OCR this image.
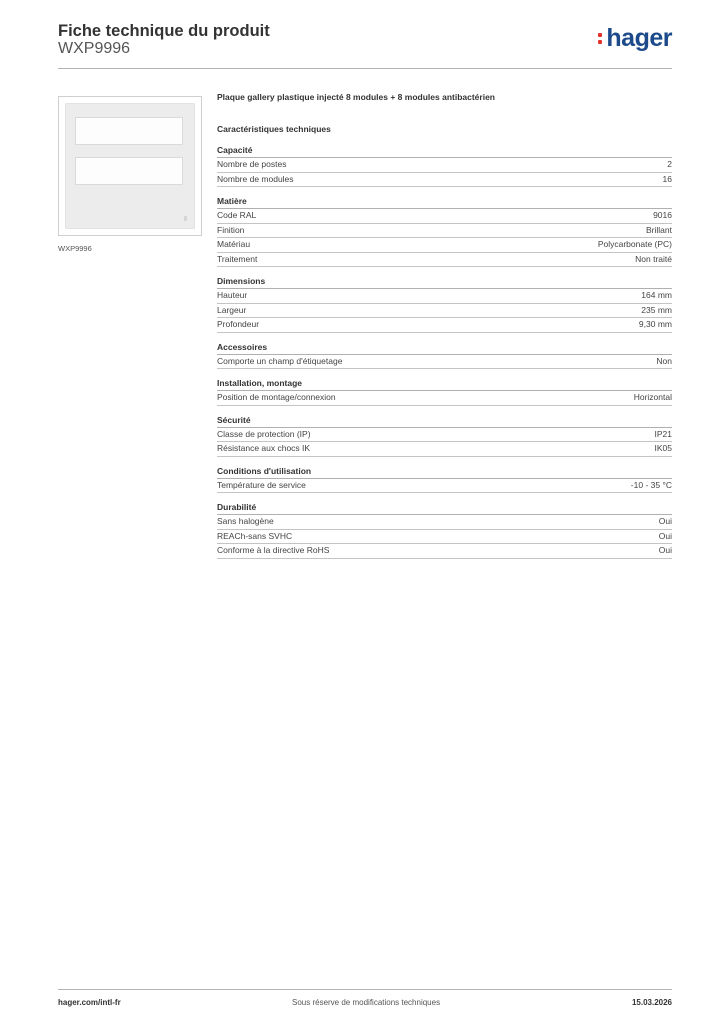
Fiche technique du produit
WXP9996	hager
WXP9996
Plaque gallery plastique injecté 8 modules + 8 modules antibactérien
Caractéristiques techniques
Capacité
Nombre de postes	2
Nombre de modules	16
Matière
Code RAL	9016
Finition	Brillant
Matériau	Polycarbonate (PC)
Traitement	Non traité
Dimensions
Hauteur	164 mm
Largeur	235 mm
Profondeur	9,30 mm
Accessoires
Comporte un champ d'étiquetage	Non
Installation, montage
Position de montage/connexion	Horizontal
Sécurité
Classe de protection (IP)	IP21
Résistance aux chocs IK	IK05
Conditions d'utilisation
Température de service	-10 - 35 °C
Durabilité
Sans halogène	Oui
REACh-sans SVHC	Oui
Conforme à la directive RoHS	Oui
hager.com/intl-fr	Sous réserve de modifications techniques	15.03.2026
